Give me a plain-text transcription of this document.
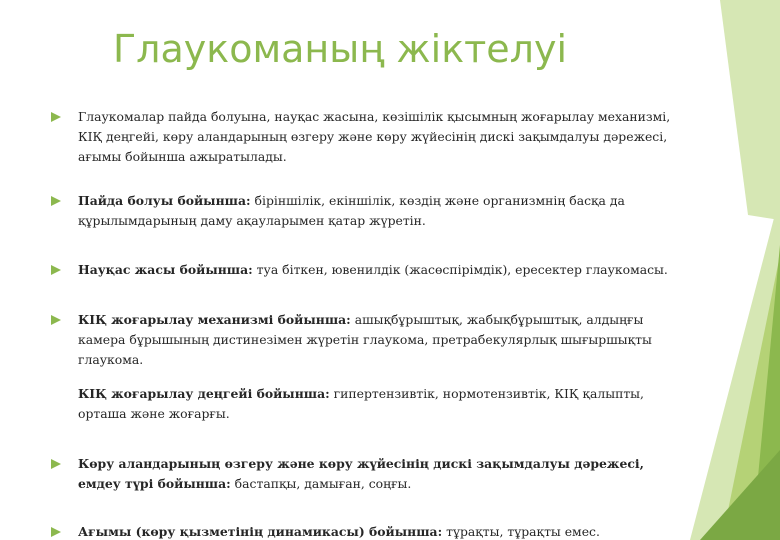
Глаукоманың жіктелуі
Глаукомалар пайда болуына, науқас жасына, көзішілік қысымның жоғарылау механизмі, КІҚ деңгейі, көру аландарының өзгеру және көру жүйесінің дискі зақымдалуы дәрежесі, ағымы бойынша ажыратылады.
Пайда болуы бойынша: біріншілік, екіншілік, көздің және организмнің басқа да құрылымдарының даму ақауларымен қатар жүретін.
Науқас жасы бойынша: туа біткен, ювенилдік (жасөспірімдік), ересектер глаукомасы.
КІҚ жоғарылау механизмі бойынша: ашықбұрыштық, жабықбұрыштық, алдыңғы камера бұрышының дистинезімен жүретін глаукома, претрабекулярлық шығыршықты глаукома.
КІҚ жоғарылау деңгейі бойынша: гипертензивтік, нормотензивтік, КІҚ қалыпты, орташа және жоғарғы.
Көру аландарының өзгеру және көру жүйесінің дискі зақымдалуы дәрежесі, емдеу түрі бойынша: бастапқы, дамыған, соңғы.
Ағымы (көру қызметінің динамикасы) бойынша: тұрақты, тұрақты емес.
